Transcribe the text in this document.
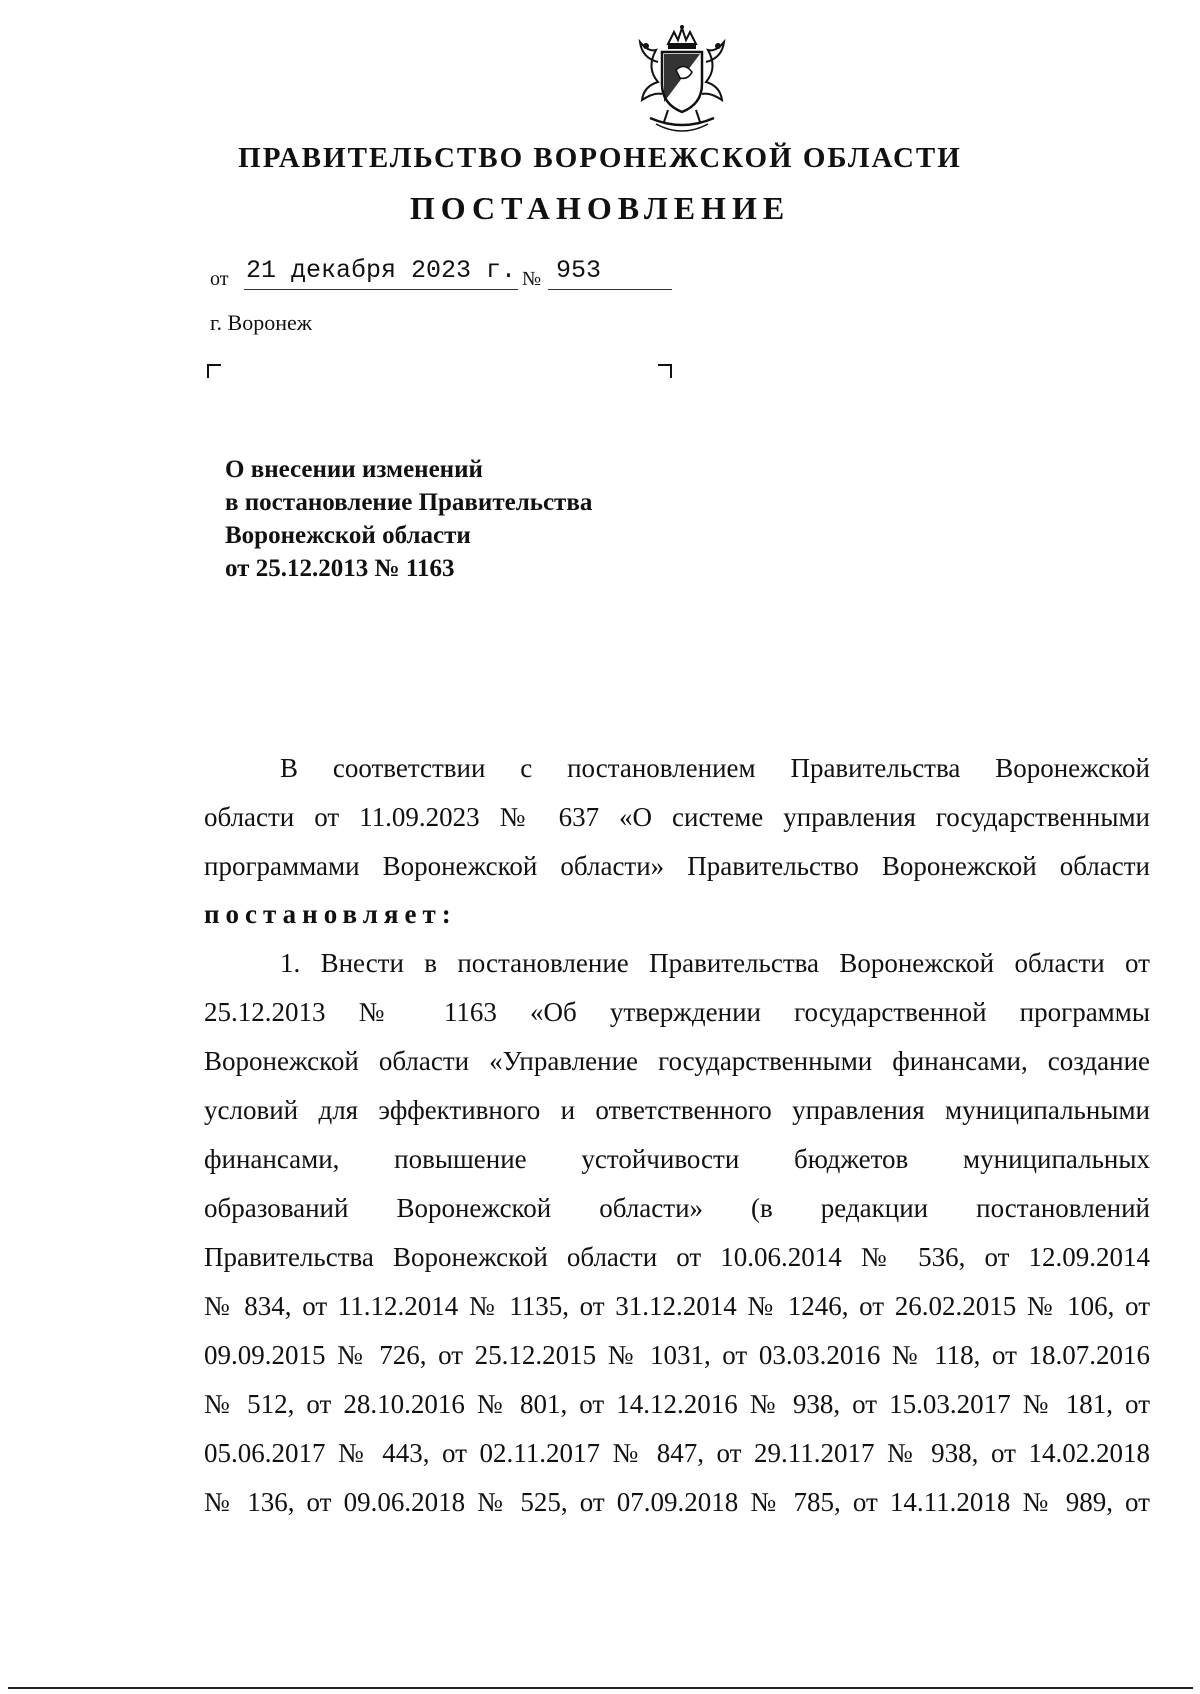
ПРАВИТЕЛЬСТВО ВОРОНЕЖСКОЙ ОБЛАСТИ
ПОСТАНОВЛЕНИЕ
от 21 декабря 2023 г. № 953
г. Воронеж
О внесении изменений
в постановление Правительства
Воронежской области
от 25.12.2013 № 1163
В соответствии с постановлением Правительства Воронежской
области от 11.09.2023 № 637 «О системе управления государственными
программами Воронежской области» Правительство Воронежской области
постановляет:
1. Внести в постановление Правительства Воронежской области от
25.12.2013 № 1163 «Об утверждении государственной программы
Воронежской области «Управление государственными финансами, создание
условий для эффективного и ответственного управления муниципальными
финансами, повышение устойчивости бюджетов муниципальных
образований Воронежской области» (в редакции постановлений
Правительства Воронежской области от 10.06.2014 № 536, от 12.09.2014
№ 834, от 11.12.2014 № 1135, от 31.12.2014 № 1246, от 26.02.2015 № 106, от
09.09.2015 № 726, от 25.12.2015 № 1031, от 03.03.2016 № 118, от 18.07.2016
№ 512, от 28.10.2016 № 801, от 14.12.2016 № 938, от 15.03.2017 № 181, от
05.06.2017 № 443, от 02.11.2017 № 847, от 29.11.2017 № 938, от 14.02.2018
№ 136, от 09.06.2018 № 525, от 07.09.2018 № 785, от 14.11.2018 № 989, от
